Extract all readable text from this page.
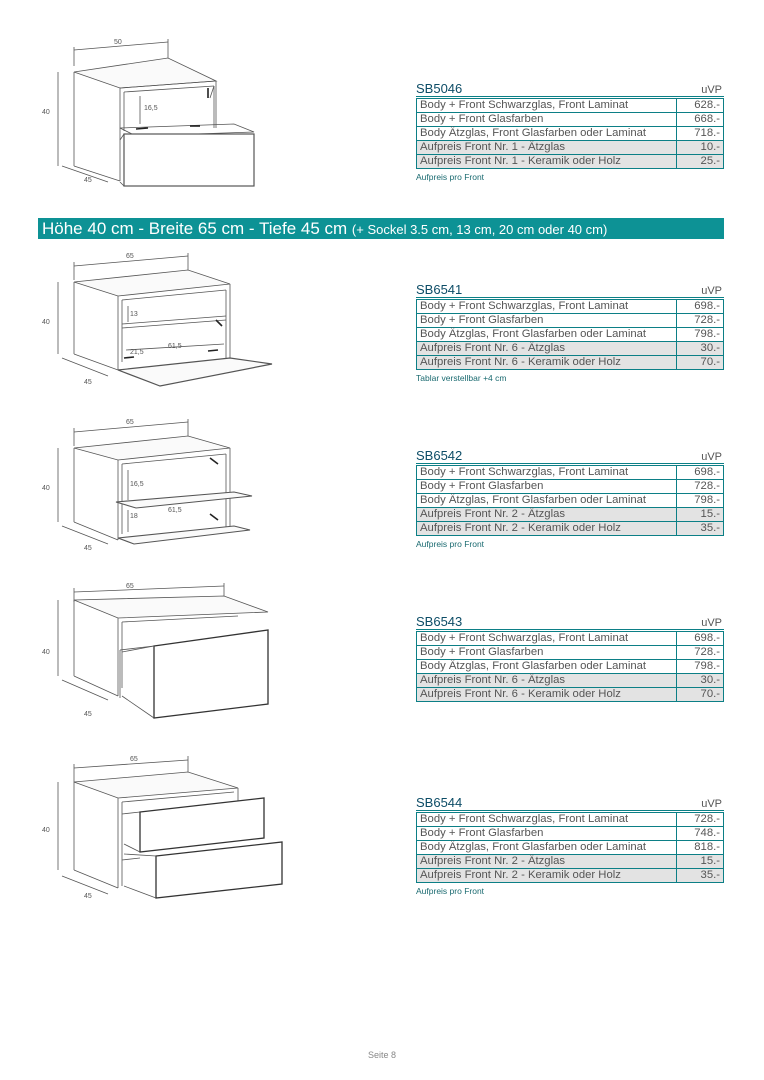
50
40
45
16,5
65
40
45
13
21,5
61,5
65
40
45
16,5
18
61,5
65
40
45
65
40
45
Höhe 40 cm - Breite 65 cm - Tiefe 45 cm (+ Sockel 3.5 cm, 13 cm, 20 cm oder 40 cm)
SB5046	uVP
Body + Front Schwarzglas, Front Laminat	628.-
Body + Front Glasfarben	668.-
Body Ätzglas, Front Glasfarben oder Laminat	718.-
Aufpreis Front Nr. 1 - Ätzglas	10.-
Aufpreis Front Nr. 1 - Keramik oder Holz	25.-
Aufpreis pro Front
SB6541	uVP
Body + Front Schwarzglas, Front Laminat	698.-
Body + Front Glasfarben	728.-
Body Ätzglas, Front Glasfarben oder Laminat	798.-
Aufpreis Front Nr. 6 - Ätzglas	30.-
Aufpreis Front Nr. 6 - Keramik oder Holz	70.-
Tablar verstellbar +4 cm
SB6542	uVP
Body + Front Schwarzglas, Front Laminat	698.-
Body + Front Glasfarben	728.-
Body Ätzglas, Front Glasfarben oder Laminat	798.-
Aufpreis Front Nr. 2 - Ätzglas	15.-
Aufpreis Front Nr. 2 - Keramik oder Holz	35.-
Aufpreis pro Front
SB6543	uVP
Body + Front Schwarzglas, Front Laminat	698.-
Body + Front Glasfarben	728.-
Body Ätzglas, Front Glasfarben oder Laminat	798.-
Aufpreis Front Nr. 6 - Ätzglas	30.-
Aufpreis Front Nr. 6 - Keramik oder Holz	70.-
SB6544	uVP
Body + Front Schwarzglas, Front Laminat	728.-
Body + Front Glasfarben	748.-
Body Ätzglas, Front Glasfarben oder Laminat	818.-
Aufpreis Front Nr. 2 - Ätzglas	15.-
Aufpreis Front Nr. 2 - Keramik oder Holz	35.-
Aufpreis pro Front
Seite 8
